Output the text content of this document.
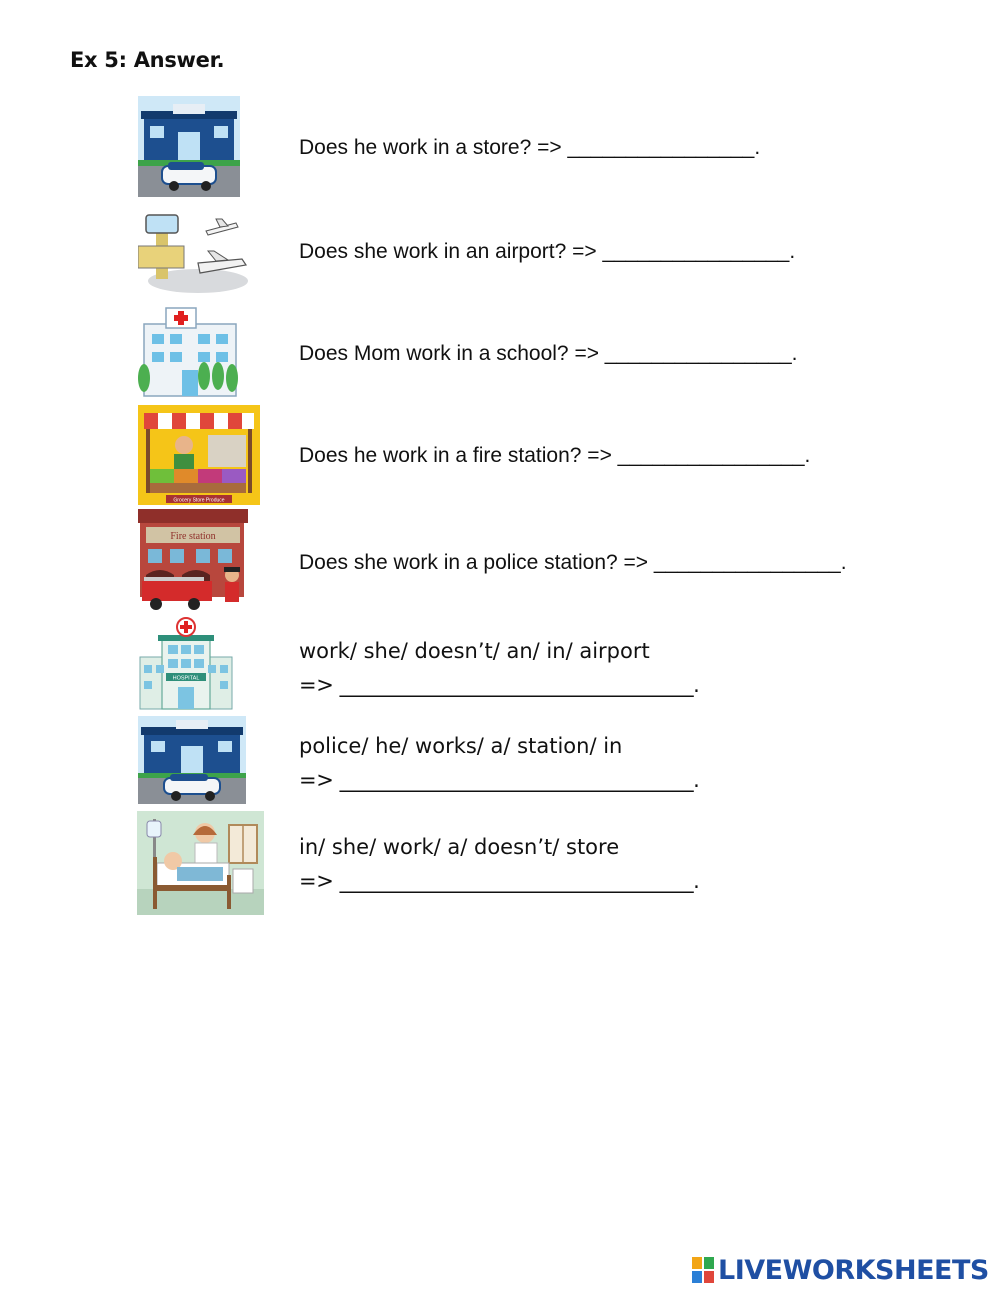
Ex 5: Answer.
Does he work in a store? => ________________.
Does she work in an airport? => ________________.
Does Mom work in a school? => ________________.
Grocery Store Produce
Does he work in a fire station? => ________________.
Fire station
Does she work in a police station? => ________________.
HOSPITAL
work/ she/ doesn’t/ an/ in/ airport
=> ___________________________________.
police/ he/ works/ a/ station/ in
=> ___________________________________.
in/ she/ work/ a/ doesn’t/ store
=> ___________________________________.
LIVEWORKSHEETS
